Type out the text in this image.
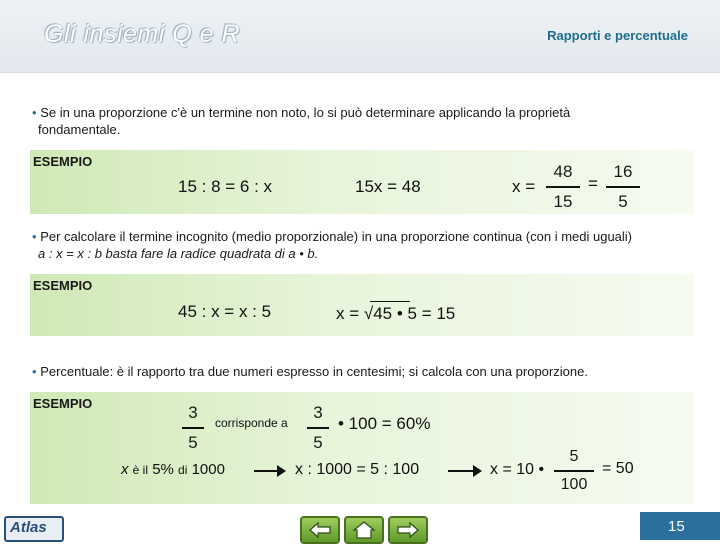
Gli insiemi Q e R	Rapporti e percentuale
• Se in una proporzione c'è un termine non noto, lo si può determinare applicando la proprietà
fondamentale.
ESEMPIO
15 : 8 = 6 : x	15x = 48	x =
48
15
=
16
5
• Per calcolare il termine incognito (medio proporzionale) in una proporzione continua (con i medi uguali)
a : x = x : b basta fare la radice quadrata di a • b.
ESEMPIO
45 : x = x : 5	x = √45 • 5 = 15
• Percentuale: è il rapporto tra due numeri espresso in centesimi; si calcola con una proporzione.
ESEMPIO	3
5
corrisponde a
3
5
• 100 = 60%
x è il 5% di 1000	x : 1000 = 5 : 100	x = 10 •
5
100
= 50
Atlas	15
